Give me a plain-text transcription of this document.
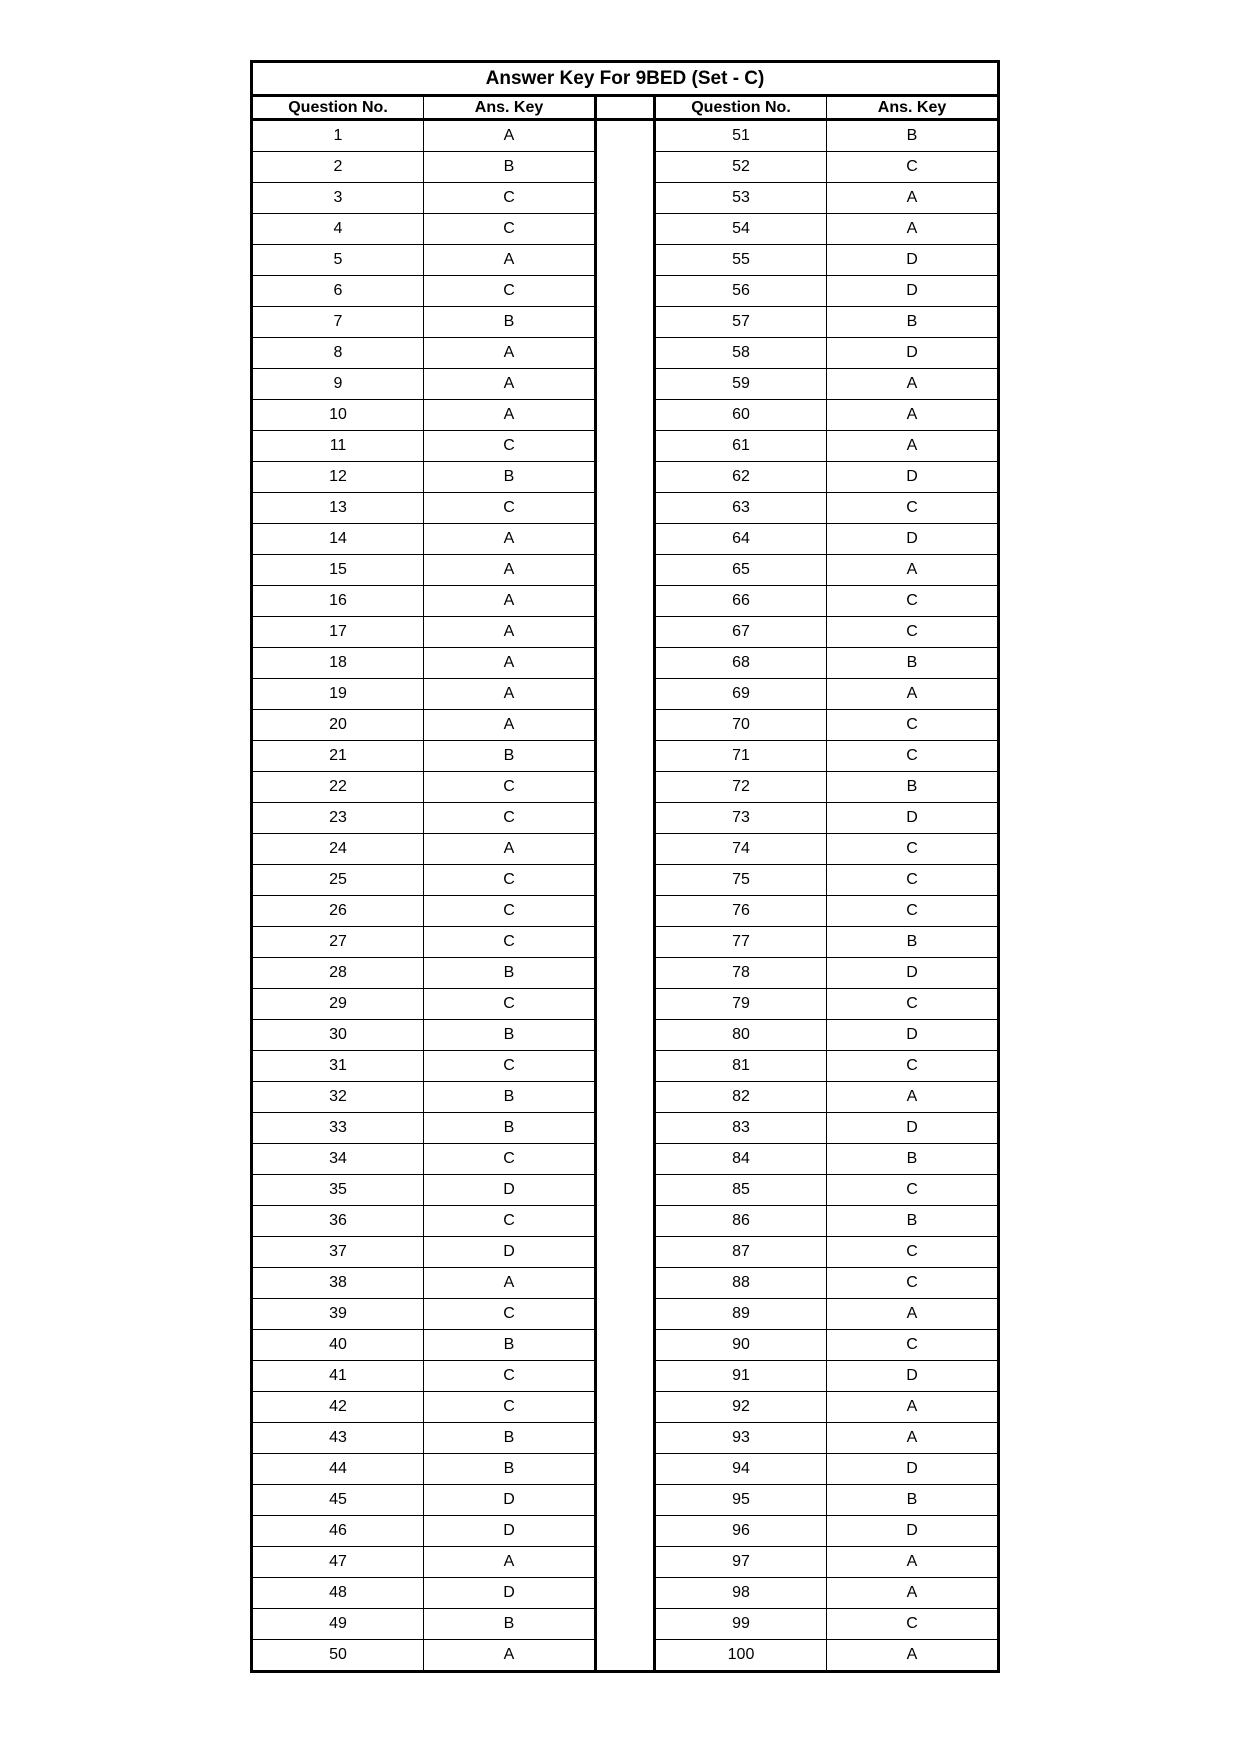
Answer Key For 9BED (Set - C)				
Question No.	Ans. Key		Question No.	Ans. Key
1	A		51	B
2	B		52	C
3	C		53	A
4	C		54	A
5	A		55	D
6	C		56	D
7	B		57	B
8	A		58	D
9	A		59	A
10	A		60	A
11	C		61	A
12	B		62	D
13	C		63	C
14	A		64	D
15	A		65	A
16	A		66	C
17	A		67	C
18	A		68	B
19	A		69	A
20	A		70	C
21	B		71	C
22	C		72	B
23	C		73	D
24	A		74	C
25	C		75	C
26	C		76	C
27	C		77	B
28	B		78	D
29	C		79	C
30	B		80	D
31	C		81	C
32	B		82	A
33	B		83	D
34	C		84	B
35	D		85	C
36	C		86	B
37	D		87	C
38	A		88	C
39	C		89	A
40	B		90	C
41	C		91	D
42	C		92	A
43	B		93	A
44	B		94	D
45	D		95	B
46	D		96	D
47	A		97	A
48	D		98	A
49	B		99	C
50	A		100	A
